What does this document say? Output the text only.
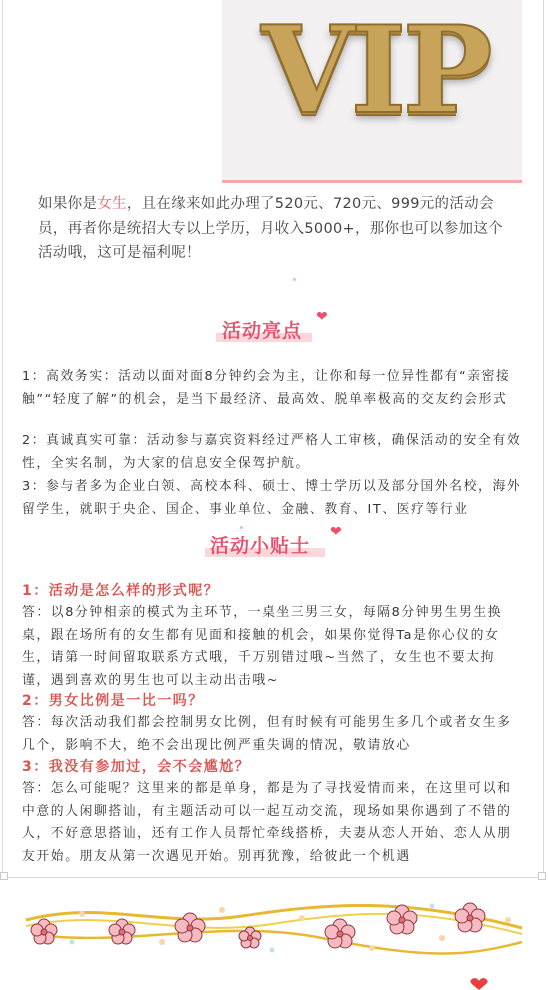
VIP
如果你是女生，且在缘来如此办理了520元、720元、999元的活动会员，再者你是统招大专以上学历，月收入5000+，那你也可以参加这个活动哦，这可是福利呢！
活动亮点
❤
1：高效务实：活动以面对面8分钟约会为主，让你和每一位异性都有“亲密接触”“轻度了解”的机会，是当下最经济、最高效、脱单率极高的交友约会形式
2：真诚真实可靠：活动参与嘉宾资料经过严格人工审核，确保活动的安全有效性，全实名制，为大家的信息安全保驾护航。
3：参与者多为企业白领、高校本科、硕士、博士学历以及部分国外名校，海外留学生，就职于央企、国企、事业单位、金融、教育、IT、医疗等行业
活动小贴士
❤
1：活动是怎么样的形式呢？
答：以8分钟相亲的模式为主环节，一桌坐三男三女，每隔8分钟男生男生换桌，跟在场所有的女生都有见面和接触的机会，如果你觉得Ta是你心仪的女生，请第一时间留取联系方式哦，千万别错过哦~当然了，女生也不要太拘谨，遇到喜欢的男生也可以主动出击哦~
2：男女比例是一比一吗？
答：每次活动我们都会控制男女比例，但有时候有可能男生多几个或者女生多几个，影响不大，绝不会出现比例严重失调的情况，敬请放心
3：我没有参加过，会不会尴尬？
答：怎么可能呢？这里来的都是单身，都是为了寻找爱情而来，在这里可以和中意的人闲聊搭讪，有主题活动可以一起互动交流，现场如果你遇到了不错的人，不好意思搭讪，还有工作人员帮忙牵线搭桥，夫妻从恋人开始、恋人从朋友开始。朋友从第一次遇见开始。别再犹豫，给彼此一个机遇
